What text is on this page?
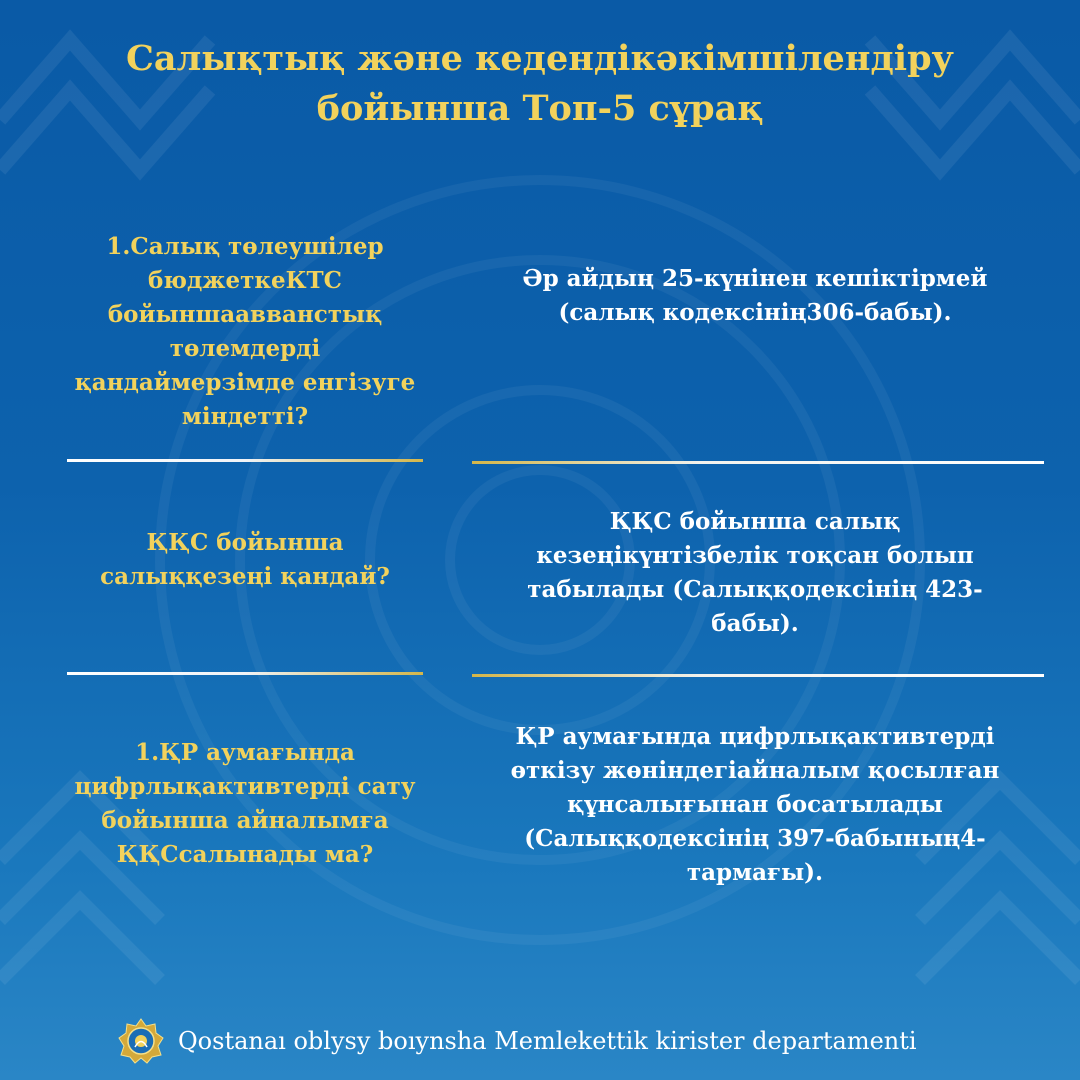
Салықтық және кедендікәкімшілендіру
бойынша Топ-5 сұрақ
1.Салық төлеушілер
бюджеткеКТС
бойыншаавванстық
төлемдерді
қандаймерзімде енгізуге
міндетті?
Әр айдың 25-күнінен кешіктірмей
(салық кодексінің306-бабы).
ҚҚС бойынша
салыққезеңі қандай?
ҚҚС бойынша салық
кезеңікүнтізбелік тоқсан болып
табылады (Салыққодексінің 423-
бабы).
1.ҚР аумағында
цифрлықактивтерді сату
бойынша айналымға
ҚҚСсалынады ма?
ҚР аумағында цифрлықактивтерді
өткізу жөніндегіайналым қосылған
құнсалығынан босатылады
(Салыққодексінің 397-бабының4-
тармағы).
Qostanaı oblysy boıynsha Memlekettik kirister departamenti
